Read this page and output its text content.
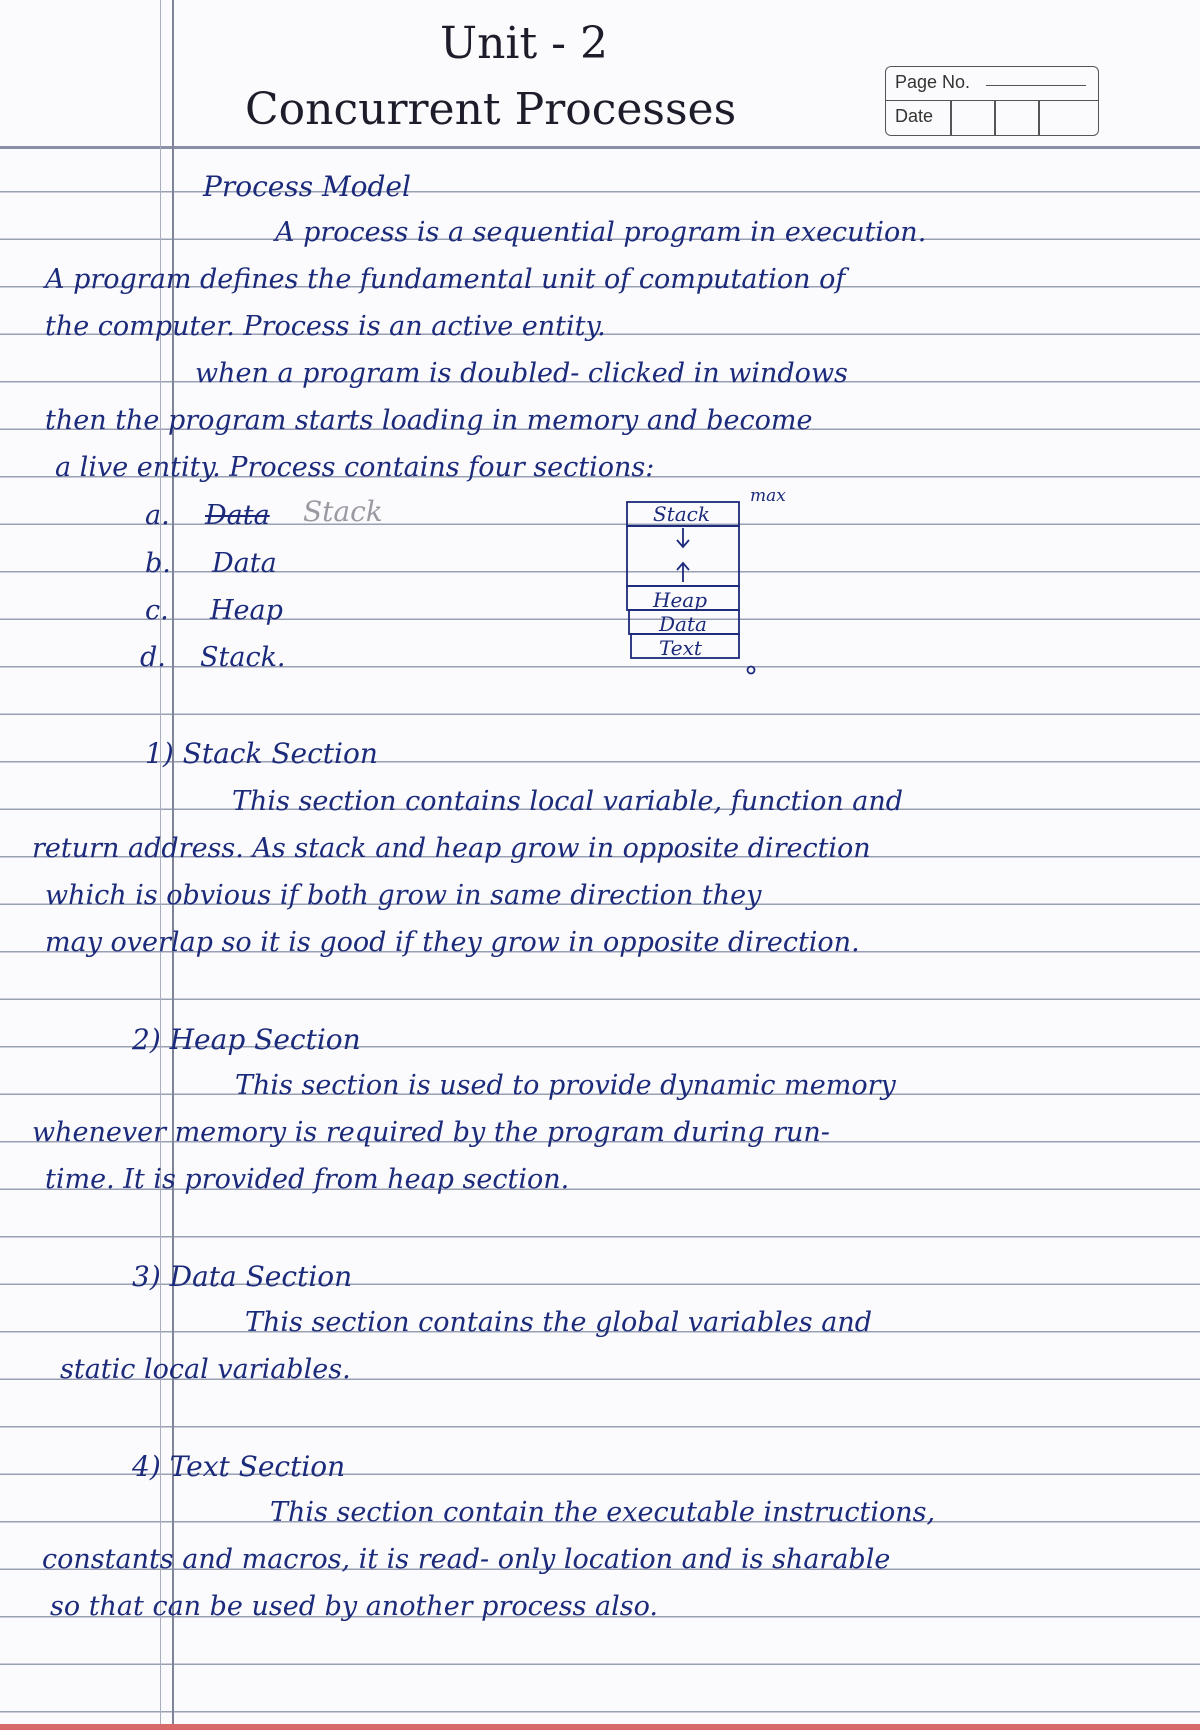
Unit - 2
Concurrent Processes
Page No.
Date
Process Model
A process is a sequential program in execution.
A program defines the fundamental unit of computation of
the computer. Process is an active entity.
when a program is doubled- clicked in windows
then the program starts loading in memory and become
a live entity. Process contains four sections:
a. Data Stack
b. Data
c. Heap
d. Stack.
Stack
Heap
Data
Text
max
1) Stack Section
This section contains local variable, function and
return address. As stack and heap grow in opposite direction
which is obvious if both grow in same direction they
may overlap so it is good if they grow in opposite direction.
2) Heap Section
This section is used to provide dynamic memory
whenever memory is required by the program during run-
time. It is provided from heap section.
3) Data Section
This section contains the global variables and
static local variables.
4) Text Section
This section contain the executable instructions,
constants and macros, it is read- only location and is sharable
so that can be used by another process also.
